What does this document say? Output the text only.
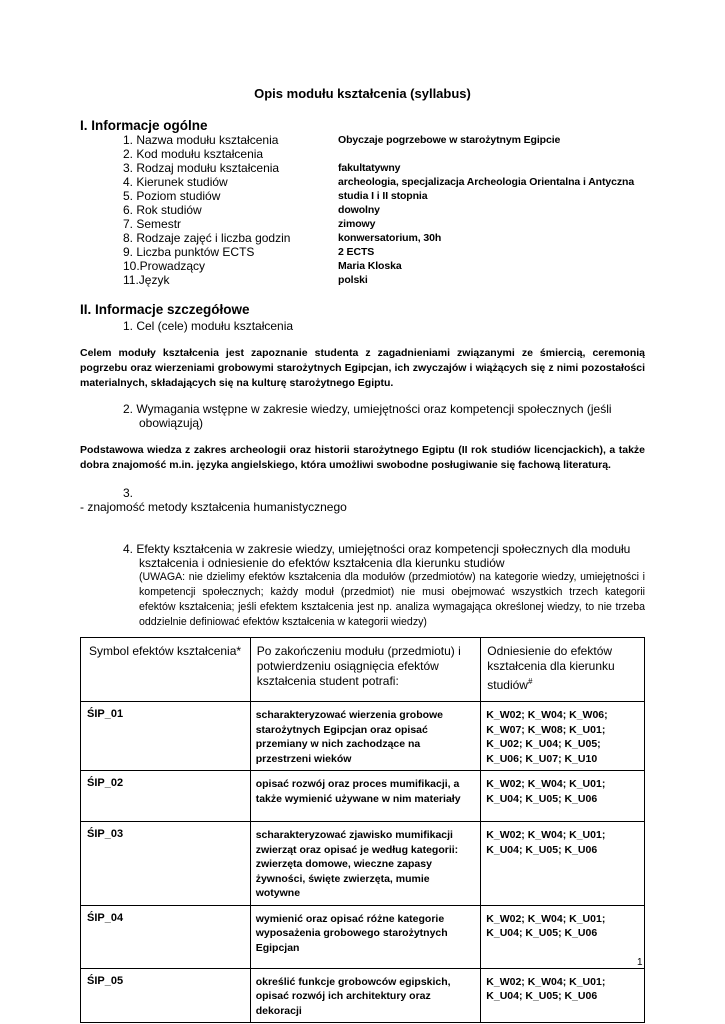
Opis modułu kształcenia (syllabus)
I. Informacje ogólne
1. Nazwa modułu kształcenia	Obyczaje pogrzebowe w starożytnym Egipcie
2. Kod modułu kształcenia
3. Rodzaj modułu kształcenia	fakultatywny
4. Kierunek studiów	archeologia, specjalizacja Archeologia Orientalna i Antyczna
5. Poziom studiów	studia I i II stopnia
6. Rok studiów	dowolny
7. Semestr	zimowy
8. Rodzaje zajęć i liczba godzin	konwersatorium, 30h
9. Liczba punktów ECTS	2 ECTS
10.Prowadzący	Maria Kloska
11.Język	polski
II. Informacje szczegółowe
1. Cel (cele) modułu kształcenia
Celem moduły kształcenia jest zapoznanie studenta z zagadnieniami związanymi ze śmiercią, ceremonią pogrzebu oraz wierzeniami grobowymi starożytnych Egipcjan, ich zwyczajów i wiążących się z nimi pozostałości materialnych, składających się na kulturę starożytnego Egiptu.
2. Wymagania wstępne w zakresie wiedzy, umiejętności oraz kompetencji społecznych (jeśli
obowiązują)
Podstawowa wiedza z zakres archeologii oraz historii starożytnego Egiptu (II rok studiów licencjackich), a także dobra znajomość m.in. języka angielskiego, która umożliwi swobodne posługiwanie się fachową literaturą.
3.
- znajomość metody kształcenia humanistycznego
4. Efekty kształcenia w zakresie wiedzy, umiejętności oraz kompetencji społecznych dla modułu
kształcenia i odniesienie do efektów kształcenia dla kierunku studiów
(UWAGA: nie dzielimy efektów kształcenia dla modułów (przedmiotów) na kategorie wiedzy, umiejętności i kompetencji społecznych; każdy moduł (przedmiot) nie musi obejmować wszystkich trzech kategorii efektów kształcenia; jeśli efektem kształcenia jest np. analiza wymagająca określonej wiedzy, to nie trzeba oddzielnie definiować efektów kształcenia w kategorii wiedzy)
Symbol efektów kształcenia*	Po zakończeniu modułu (przedmiotu) i potwierdzeniu osiągnięcia efektów kształcenia student potrafi:	Odniesienie do efektów kształcenia dla kierunku studiów#
ŚIP_01	scharakteryzować wierzenia grobowe starożytnych Egipcjan oraz opisać przemiany w nich zachodzące na przestrzeni wieków	K_W02; K_W04; K_W06; K_W07; K_W08; K_U01; K_U02; K_U04; K_U05; K_U06; K_U07; K_U10
ŚIP_02	opisać rozwój oraz proces mumifikacji, a także wymienić używane w nim materiały	K_W02; K_W04; K_U01; K_U04; K_U05; K_U06
ŚIP_03	scharakteryzować zjawisko mumifikacji zwierząt oraz opisać je według kategorii: zwierzęta domowe, wieczne zapasy żywności, święte zwierzęta, mumie wotywne	K_W02; K_W04; K_U01; K_U04; K_U05; K_U06
ŚIP_04	wymienić oraz opisać różne kategorie wyposażenia grobowego starożytnych Egipcjan	K_W02; K_W04; K_U01; K_U04; K_U05; K_U06
ŚIP_05	określić funkcje grobowców egipskich, opisać rozwój ich architektury oraz dekoracji	K_W02; K_W04; K_U01; K_U04; K_U05; K_U06
1
